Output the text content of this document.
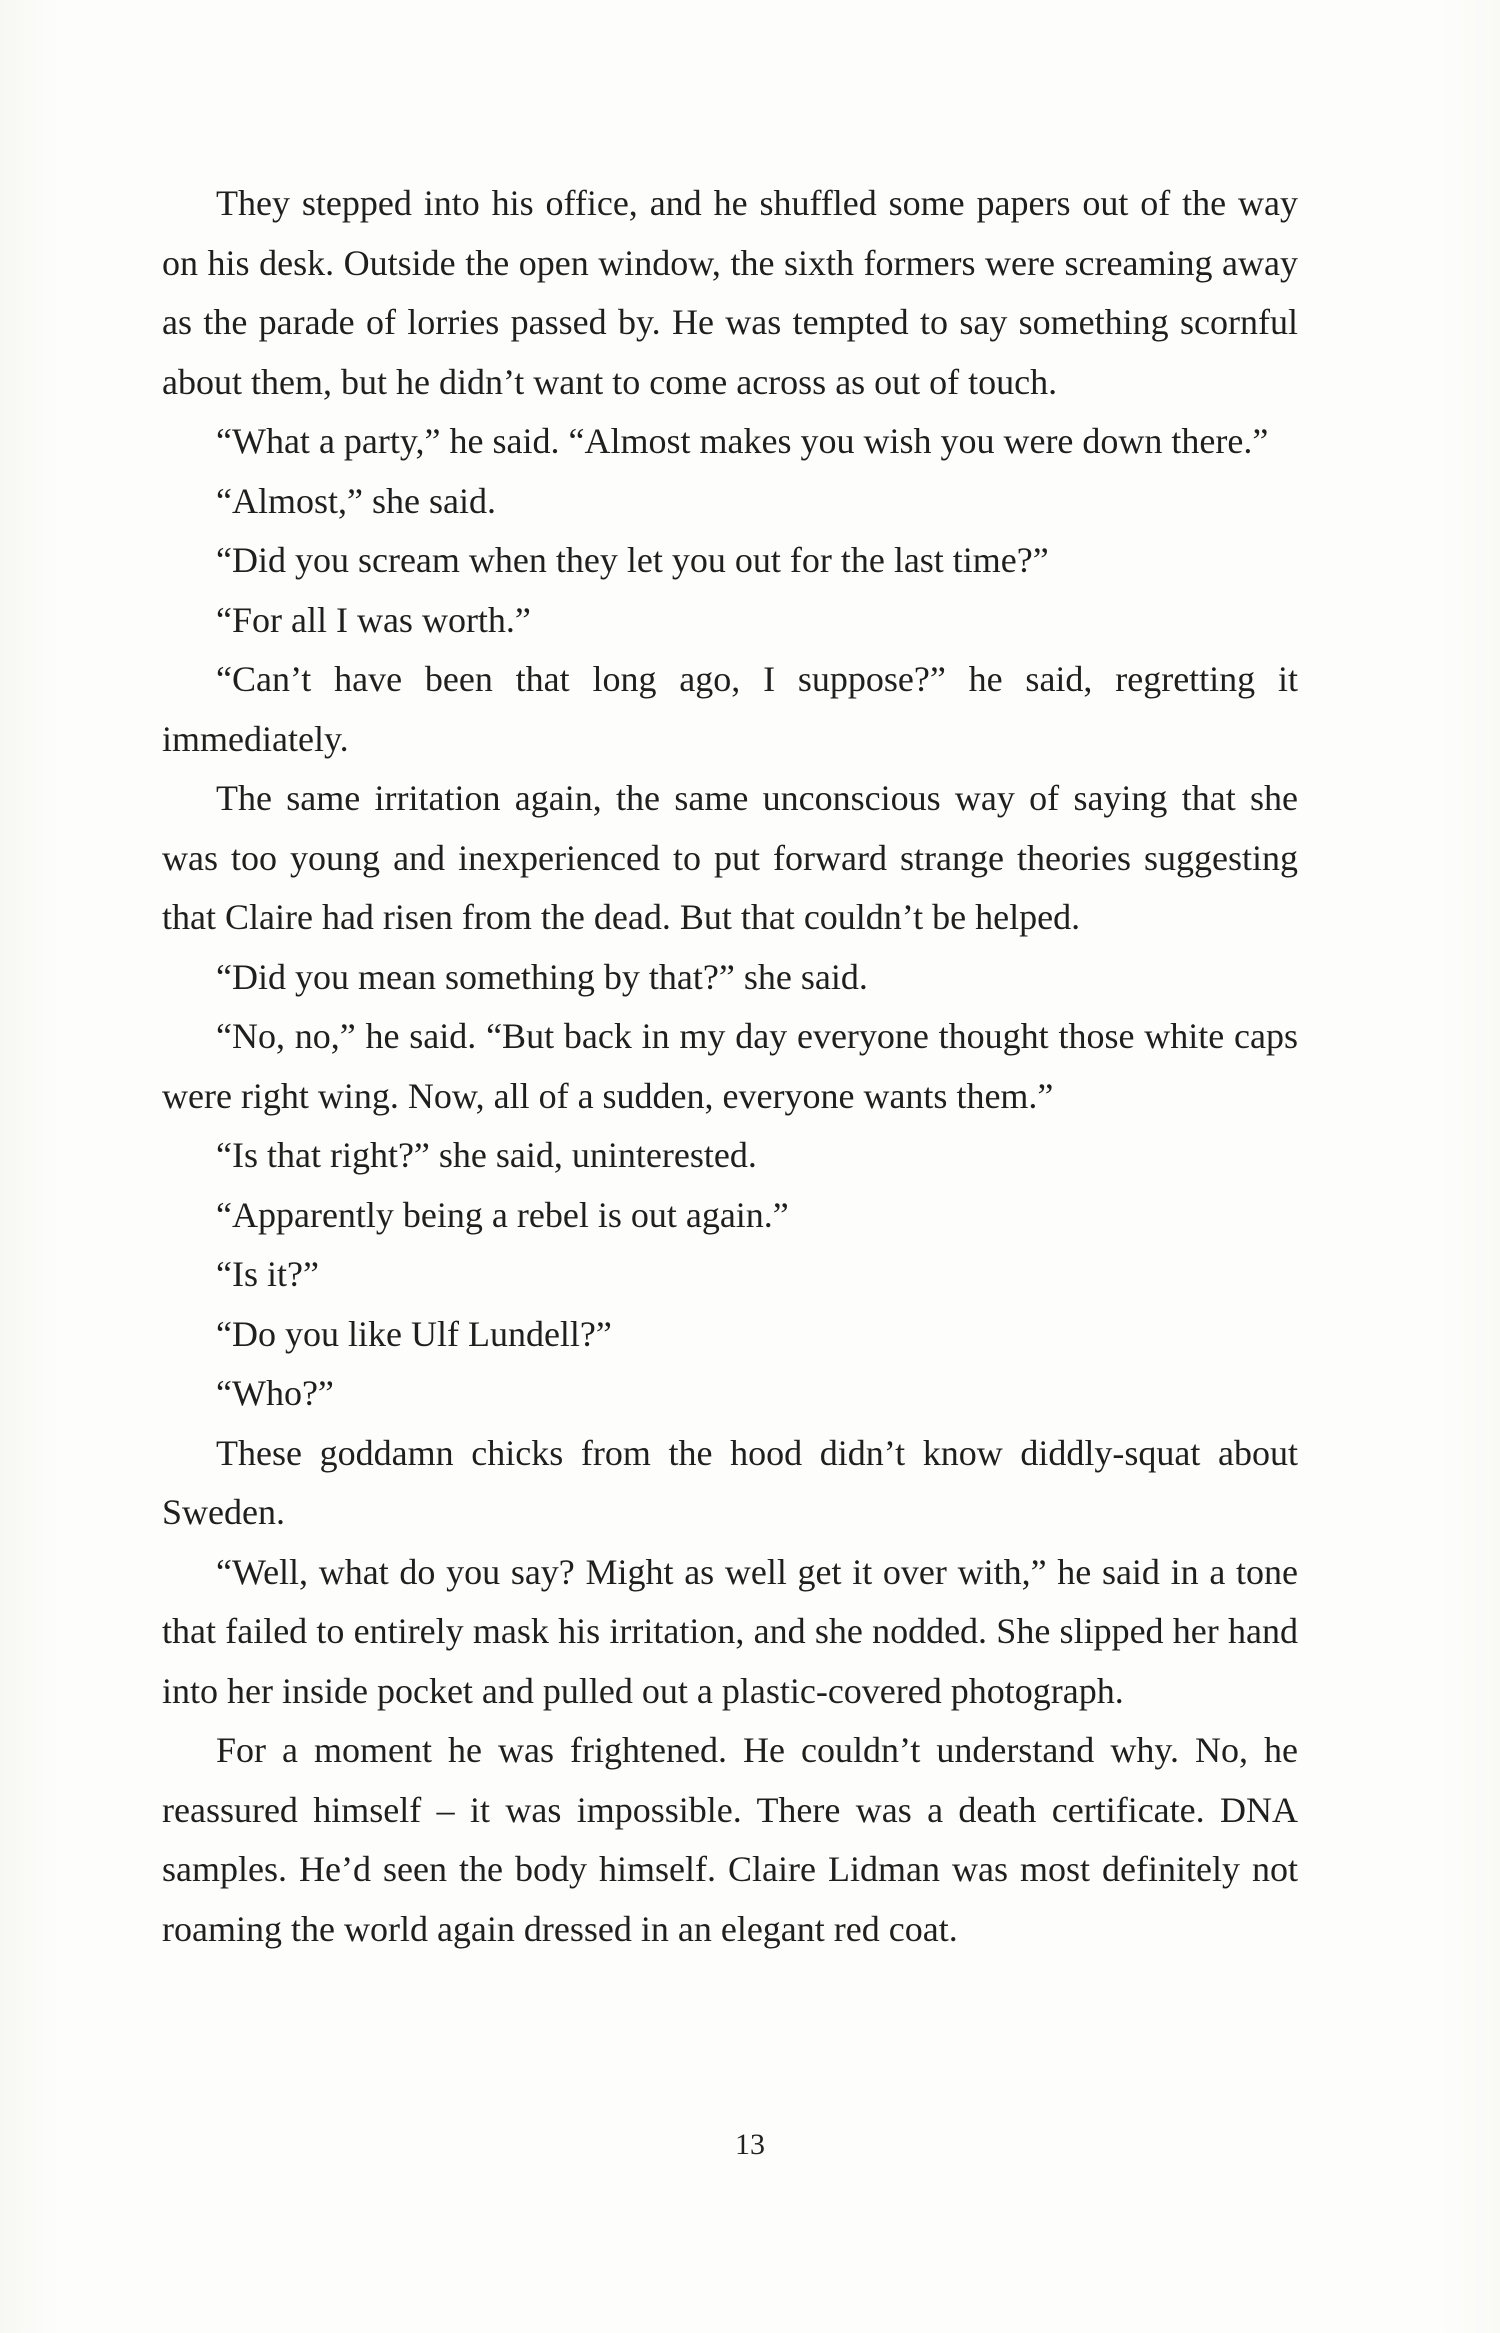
They stepped into his office, and he shuffled some papers out of the way on his desk. Outside the open window, the sixth formers were screaming away as the parade of lorries passed by. He was tempted to say something scornful about them, but he didn’t want to come across as out of touch.

“What a party,” he said. “Almost makes you wish you were down there.”

“Almost,” she said.

“Did you scream when they let you out for the last time?”

“For all I was worth.”

“Can’t have been that long ago, I suppose?” he said, regretting it immediately.

The same irritation again, the same unconscious way of saying that she was too young and inexperienced to put forward strange theories suggesting that Claire had risen from the dead. But that couldn’t be helped.

“Did you mean something by that?” she said.

“No, no,” he said. “But back in my day everyone thought those white caps were right wing. Now, all of a sudden, everyone wants them.”

“Is that right?” she said, uninterested.

“Apparently being a rebel is out again.”

“Is it?”

“Do you like Ulf Lundell?”

“Who?”

These goddamn chicks from the hood didn’t know diddly-squat about Sweden.

“Well, what do you say? Might as well get it over with,” he said in a tone that failed to entirely mask his irritation, and she nodded. She slipped her hand into her inside pocket and pulled out a plastic-covered photograph.

For a moment he was frightened. He couldn’t understand why. No, he reassured himself – it was impossible. There was a death certificate. DNA samples. He’d seen the body himself. Claire Lidman was most definitely not roaming the world again dressed in an elegant red coat.

13
